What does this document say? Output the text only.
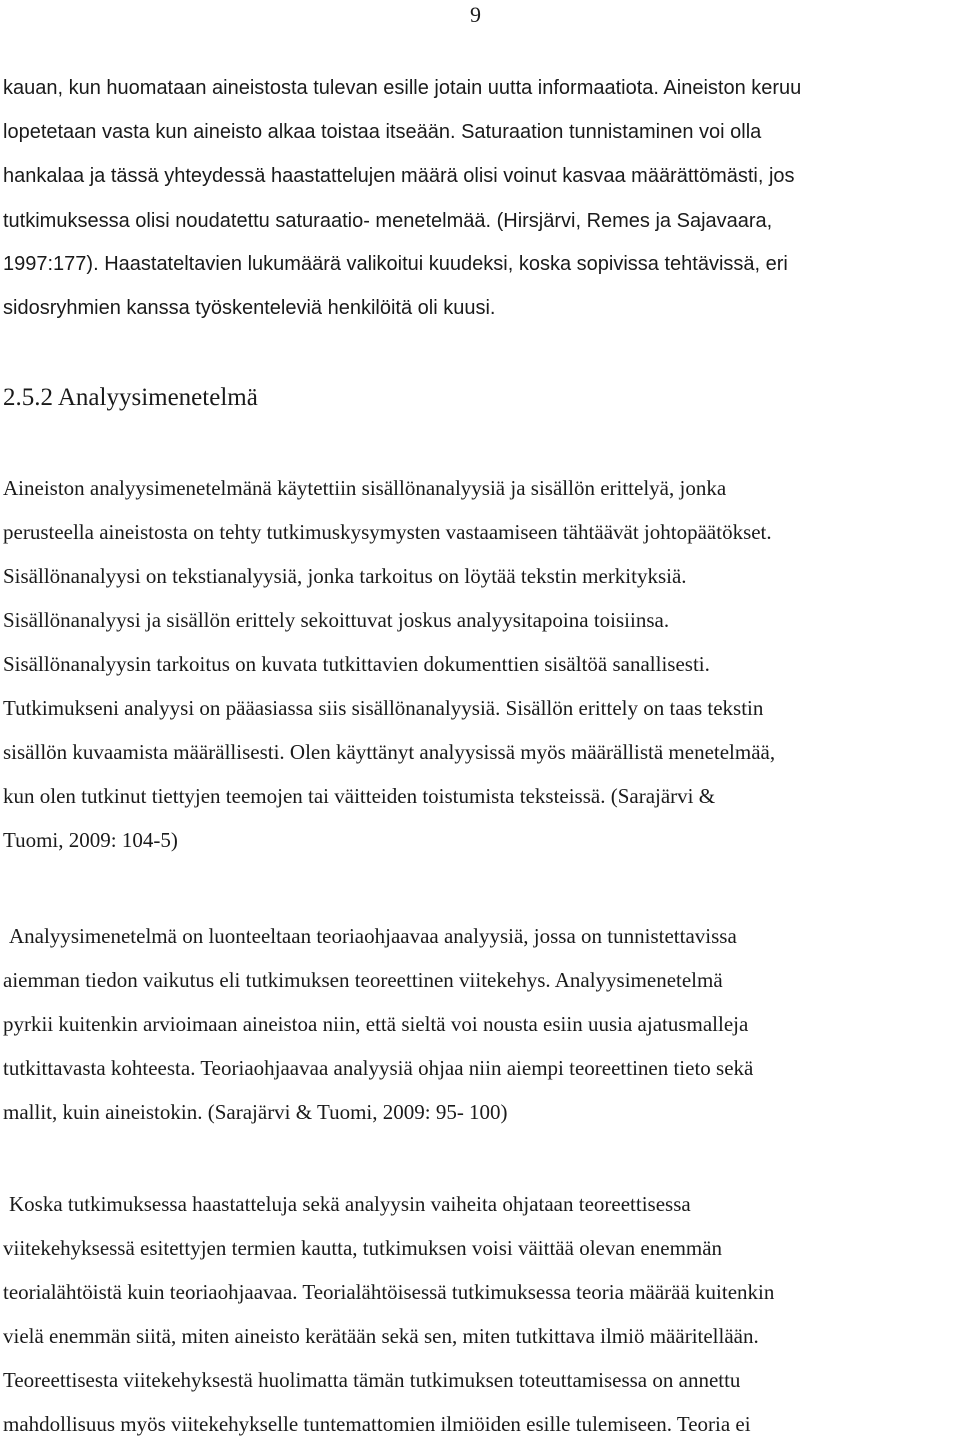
9

kauan, kun huomataan aineistosta tulevan esille jotain uutta informaatiota. Aineiston keruu
lopetetaan vasta kun aineisto alkaa toistaa itseään. Saturaation tunnistaminen voi olla
hankalaa ja tässä yhteydessä haastattelujen määrä olisi voinut kasvaa määrättömästi, jos
tutkimuksessa olisi noudatettu saturaatio- menetelmää. (Hirsjärvi, Remes ja Sajavaara,
1997:177). Haastateltavien lukumäärä valikoitui kuudeksi, koska sopivissa tehtävissä, eri
sidosryhmien kanssa työskenteleviä henkilöitä oli kuusi.

2.5.2 Analyysimenetelmä

Aineiston analyysimenetelmänä käytettiin sisällönanalyysiä ja sisällön erittelyä, jonka
perusteella aineistosta on tehty tutkimuskysymysten vastaamiseen tähtäävät johtopäätökset.
Sisällönanalyysi on tekstianalyysiä, jonka tarkoitus on löytää tekstin merkityksiä.
Sisällönanalyysi ja sisällön erittely sekoittuvat joskus analyysitapoina toisiinsa.
Sisällönanalyysin tarkoitus on kuvata tutkittavien dokumenttien sisältöä sanallisesti.
Tutkimukseni analyysi on pääasiassa siis sisällönanalyysiä. Sisällön erittely on taas tekstin
sisällön kuvaamista määrällisesti. Olen käyttänyt analyysissä myös määrällistä menetelmää,
kun olen tutkinut tiettyjen teemojen tai väitteiden toistumista teksteissä. (Sarajärvi &
Tuomi, 2009: 104-5)

Analyysimenetelmä on luonteeltaan teoriaohjaavaa analyysiä, jossa on tunnistettavissa
aiemman tiedon vaikutus eli tutkimuksen teoreettinen viitekehys. Analyysimenetelmä
pyrkii kuitenkin arvioimaan aineistoa niin, että sieltä voi nousta esiin uusia ajatusmalleja
tutkittavasta kohteesta. Teoriaohjaavaa analyysiä ohjaa niin aiempi teoreettinen tieto sekä
mallit, kuin aineistokin. (Sarajärvi & Tuomi, 2009: 95- 100)

Koska tutkimuksessa haastatteluja sekä analyysin vaiheita ohjataan teoreettisessa
viitekehyksessä esitettyjen termien kautta, tutkimuksen voisi väittää olevan enemmän
teorialähtöistä kuin teoriaohjaavaa. Teorialähtöisessä tutkimuksessa teoria määrää kuitenkin
vielä enemmän siitä, miten aineisto kerätään sekä sen, miten tutkittava ilmiö määritellään.
Teoreettisesta viitekehyksestä huolimatta tämän tutkimuksen toteuttamisessa on annettu
mahdollisuus myös viitekehykselle tuntemattomien ilmiöiden esille tulemiseen. Teoria ei
